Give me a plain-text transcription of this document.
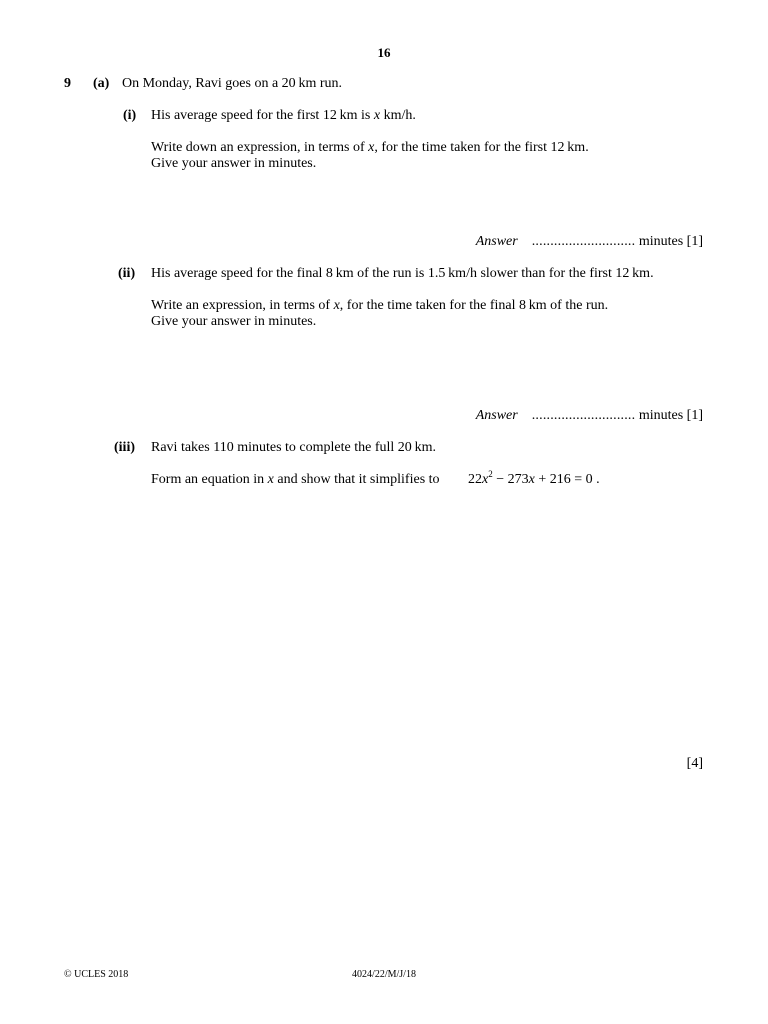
16
9 (a) On Monday, Ravi goes on a 20 km run.
(i) His average speed for the first 12 km is x km/h.
Write down an expression, in terms of x, for the time taken for the first 12 km.
Give your answer in minutes.
Answer ............................ minutes [1]
(ii) His average speed for the final 8 km of the run is 1.5 km/h slower than for the first 12 km.
Write an expression, in terms of x, for the time taken for the final 8 km of the run.
Give your answer in minutes.
Answer ............................ minutes [1]
(iii) Ravi takes 110 minutes to complete the full 20 km.
Form an equation in x and show that it simplifies to $22x^2 - 273x + 216 = 0$ .
[4]
© UCLES 2018	4024/22/M/J/18
